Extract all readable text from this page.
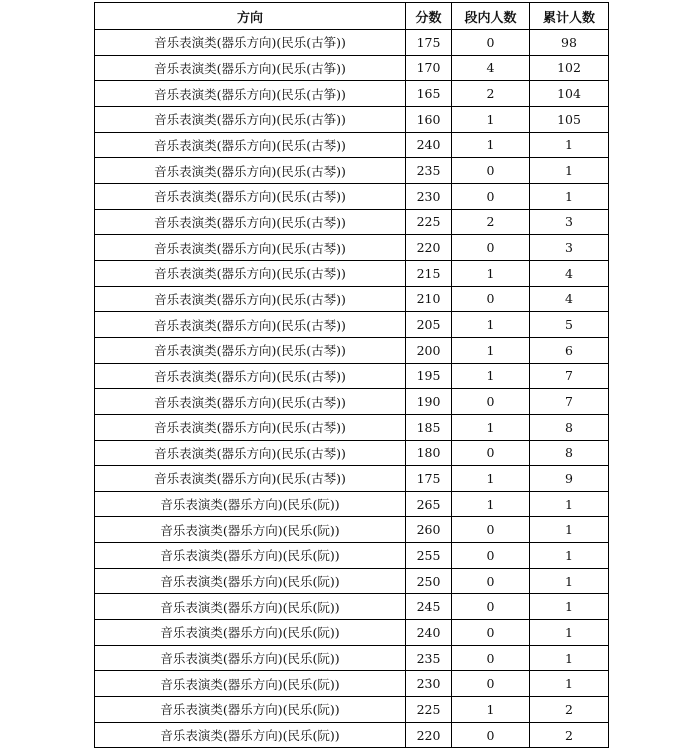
方向	分数	段内人数	累计人数
音乐表演类(器乐方向)(民乐(古筝))	175	0	98
音乐表演类(器乐方向)(民乐(古筝))	170	4	102
音乐表演类(器乐方向)(民乐(古筝))	165	2	104
音乐表演类(器乐方向)(民乐(古筝))	160	1	105
音乐表演类(器乐方向)(民乐(古琴))	240	1	1
音乐表演类(器乐方向)(民乐(古琴))	235	0	1
音乐表演类(器乐方向)(民乐(古琴))	230	0	1
音乐表演类(器乐方向)(民乐(古琴))	225	2	3
音乐表演类(器乐方向)(民乐(古琴))	220	0	3
音乐表演类(器乐方向)(民乐(古琴))	215	1	4
音乐表演类(器乐方向)(民乐(古琴))	210	0	4
音乐表演类(器乐方向)(民乐(古琴))	205	1	5
音乐表演类(器乐方向)(民乐(古琴))	200	1	6
音乐表演类(器乐方向)(民乐(古琴))	195	1	7
音乐表演类(器乐方向)(民乐(古琴))	190	0	7
音乐表演类(器乐方向)(民乐(古琴))	185	1	8
音乐表演类(器乐方向)(民乐(古琴))	180	0	8
音乐表演类(器乐方向)(民乐(古琴))	175	1	9
音乐表演类(器乐方向)(民乐(阮))	265	1	1
音乐表演类(器乐方向)(民乐(阮))	260	0	1
音乐表演类(器乐方向)(民乐(阮))	255	0	1
音乐表演类(器乐方向)(民乐(阮))	250	0	1
音乐表演类(器乐方向)(民乐(阮))	245	0	1
音乐表演类(器乐方向)(民乐(阮))	240	0	1
音乐表演类(器乐方向)(民乐(阮))	235	0	1
音乐表演类(器乐方向)(民乐(阮))	230	0	1
音乐表演类(器乐方向)(民乐(阮))	225	1	2
音乐表演类(器乐方向)(民乐(阮))	220	0	2
